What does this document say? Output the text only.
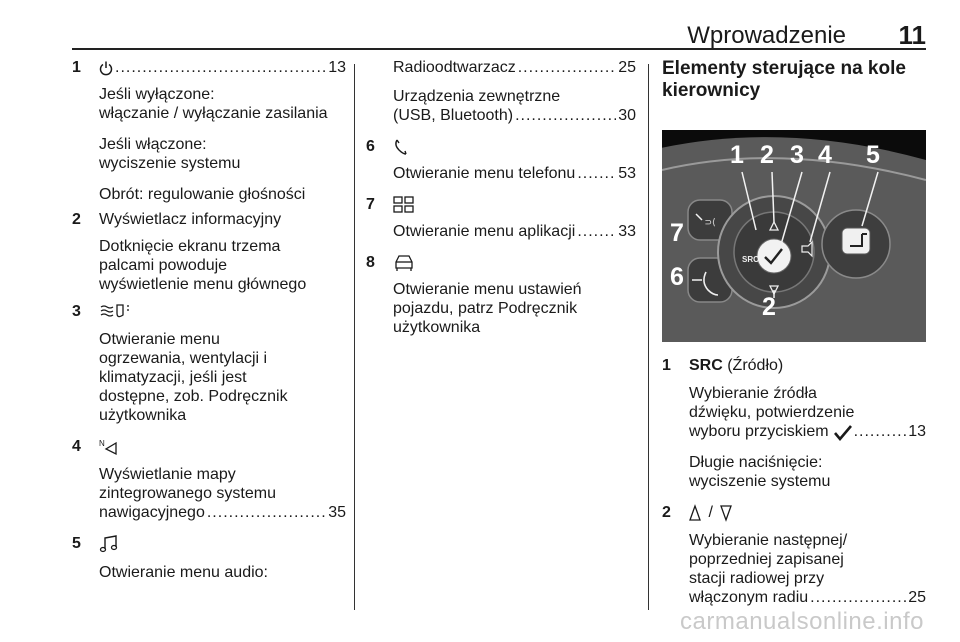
Wprowadzenie 11
1 .....	13
Jeśli wyłączone:
włączanie / wyłączanie zasilania
Jeśli włączone:
wyciszenie systemu
Obrót: regulowanie głośności
2 Wyświetlacz informacyjny
Dotknięcie ekranu trzema
palcami powoduje
wyświetlenie menu głównego
3
Otwieranie menu
ogrzewania, wentylacji i
klimatyzacji, jeśli jest
dostępne, zob. Podręcznik
użytkownika
4 N
Wyświetlanie mapy
zintegrowanego systemu
nawigacyjnego .....	35
5
Otwieranie menu audio:
Radioodtwarzacz .....	25
Urządzenia zewnętrzne
(USB, Bluetooth) .....	30
6
Otwieranie menu telefonu .....	53
7
Otwieranie menu aplikacji .....	33
8
Otwieranie menu ustawień
pojazdu, patrz Podręcznik
użytkownika
Elementy sterujące na kole
kierownicy
⊃⟨
SRC
1 2 3 4 5
6
7
2
1 SRC (Źródło)
Wybieranie źródła
dźwięku, potwierdzenie
wyboru przyciskiem .....	13
Długie naciśnięcie:
wyciszenie systemu
2	/
Wybieranie następnej/
poprzedniej zapisanej
stacji radiowej przy
włączonym radiu .....	25
carmanualsonline.info
